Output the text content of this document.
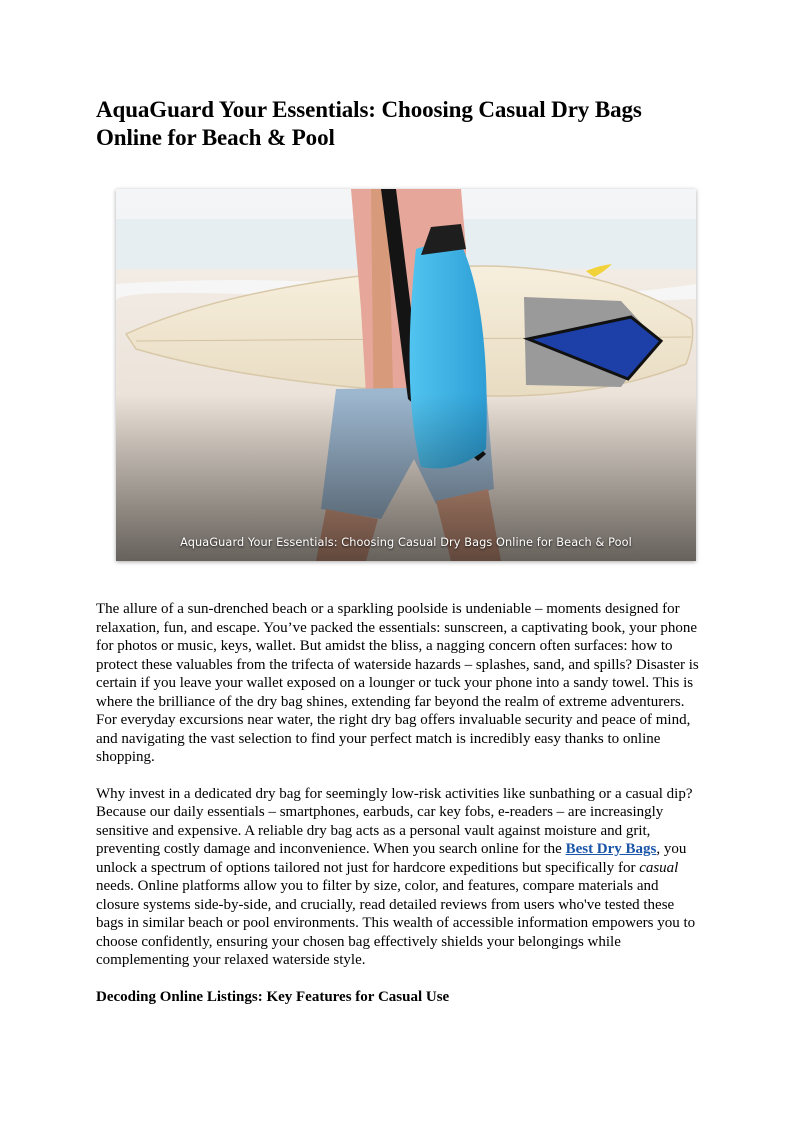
AquaGuard Your Essentials: Choosing Casual Dry Bags Online for Beach & Pool
AquaGuard Your Essentials: Choosing Casual Dry Bags Online for Beach & Pool

The allure of a sun-drenched beach or a sparkling poolside is undeniable – moments designed for relaxation, fun, and escape. You’ve packed the essentials: sunscreen, a captivating book, your phone for photos or music, keys, wallet. But amidst the bliss, a nagging concern often surfaces: how to protect these valuables from the trifecta of waterside hazards – splashes, sand, and spills? Disaster is certain if you leave your wallet exposed on a lounger or tuck your phone into a sandy towel. This is where the brilliance of the dry bag shines, extending far beyond the realm of extreme adventurers. For everyday excursions near water, the right dry bag offers invaluable security and peace of mind, and navigating the vast selection to find your perfect match is incredibly easy thanks to online shopping.

Why invest in a dedicated dry bag for seemingly low-risk activities like sunbathing or a casual dip? Because our daily essentials – smartphones, earbuds, car key fobs, e-readers – are increasingly sensitive and expensive. A reliable dry bag acts as a personal vault against moisture and grit, preventing costly damage and inconvenience. When you search online for the Best Dry Bags, you unlock a spectrum of options tailored not just for hardcore expeditions but specifically for casual needs. Online platforms allow you to filter by size, color, and features, compare materials and closure systems side-by-side, and crucially, read detailed reviews from users who've tested these bags in similar beach or pool environments. This wealth of accessible information empowers you to choose confidently, ensuring your chosen bag effectively shields your belongings while complementing your relaxed waterside style.

Decoding Online Listings: Key Features for Casual Use
